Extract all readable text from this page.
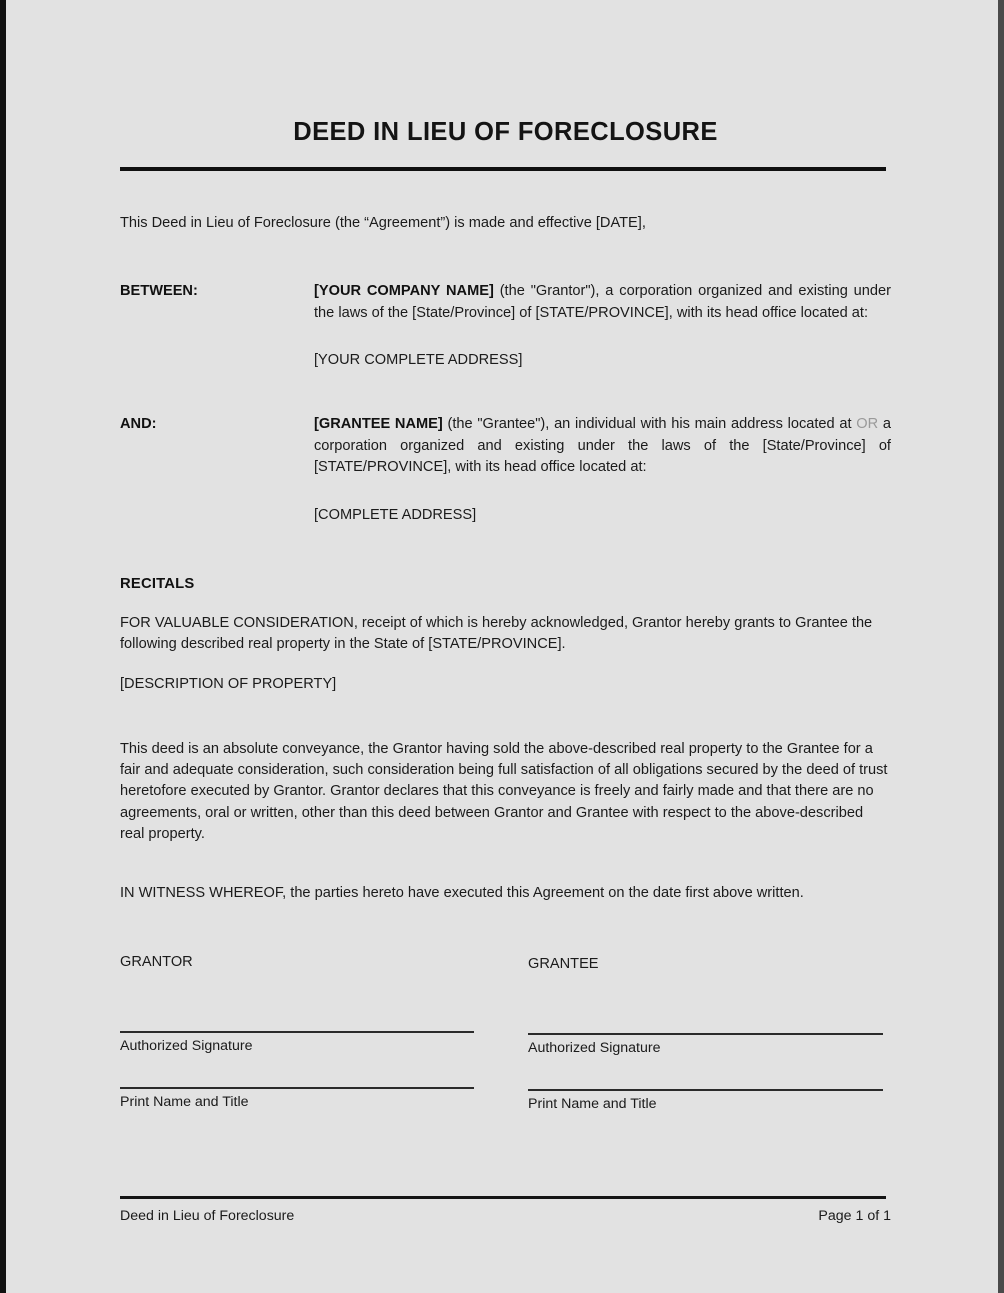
DEED IN LIEU OF FORECLOSURE

This Deed in Lieu of Foreclosure (the “Agreement”) is made and effective [DATE],

BETWEEN:	[YOUR COMPANY NAME] (the "Grantor"), a corporation organized and existing under the laws of the [State/Province] of [STATE/PROVINCE], with its head office located at:
[YOUR COMPLETE ADDRESS]
AND:	[GRANTEE NAME] (the "Grantee"), an individual with his main address located at OR a corporation organized and existing under the laws of the [State/Province] of [STATE/PROVINCE], with its head office located at:
[COMPLETE ADDRESS]
RECITALS

FOR VALUABLE CONSIDERATION, receipt of which is hereby acknowledged, Grantor hereby grants to Grantee the following described real property in the State of [STATE/PROVINCE].

[DESCRIPTION OF PROPERTY]

This deed is an absolute conveyance, the Grantor having sold the above-described real property to the Grantee for a fair and adequate consideration, such consideration being full satisfaction of all obligations secured by the deed of trust heretofore executed by Grantor. Grantor declares that this conveyance is freely and fairly made and that there are no agreements, oral or written, other than this deed between Grantor and Grantee with respect to the above-described real property.

IN WITNESS WHEREOF, the parties hereto have executed this Agreement on the date first above written.

GRANTOR
Authorized Signature
Print Name and Title
GRANTEE
Authorized Signature
Print Name and Title
Deed in Lieu of Foreclosure	Page 1 of 1
